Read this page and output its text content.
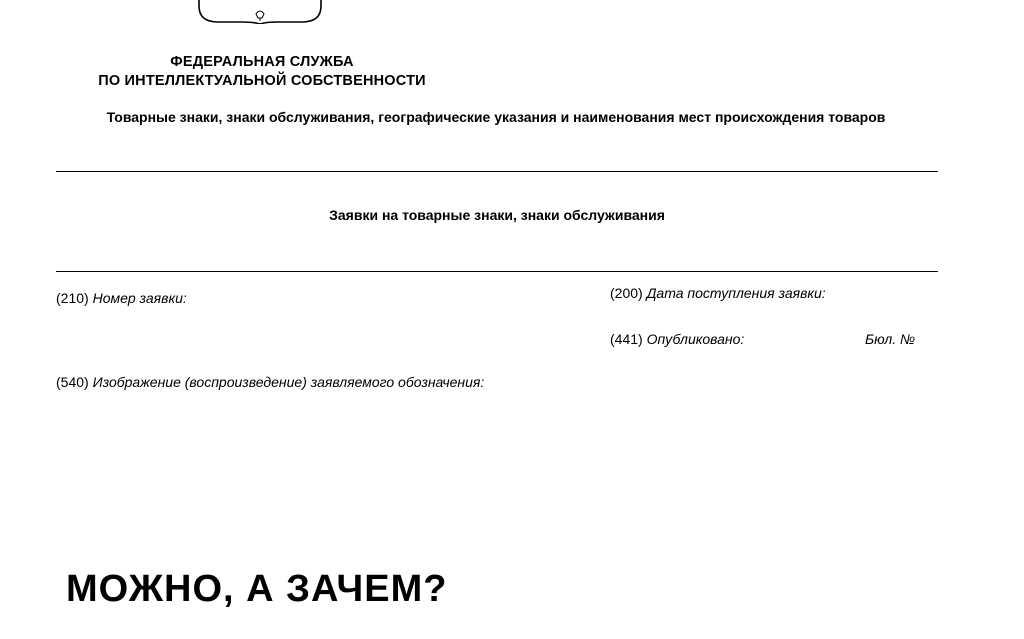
ФЕДЕРАЛЬНАЯ СЛУЖБА
ПО ИНТЕЛЛЕКТУАЛЬНОЙ СОБСТВЕННОСТИ
Товарные знаки, знаки обслуживания, географические указания и наименования мест происхождения товаров
Заявки на товарные знаки, знаки обслуживания
(210) Номер заявки:	(200) Дата поступления заявки:
(441) Опубликовано:	Бюл. №
(540) Изображение (воспроизведение) заявляемого обозначения:
МОЖНО, А ЗАЧЕМ?
